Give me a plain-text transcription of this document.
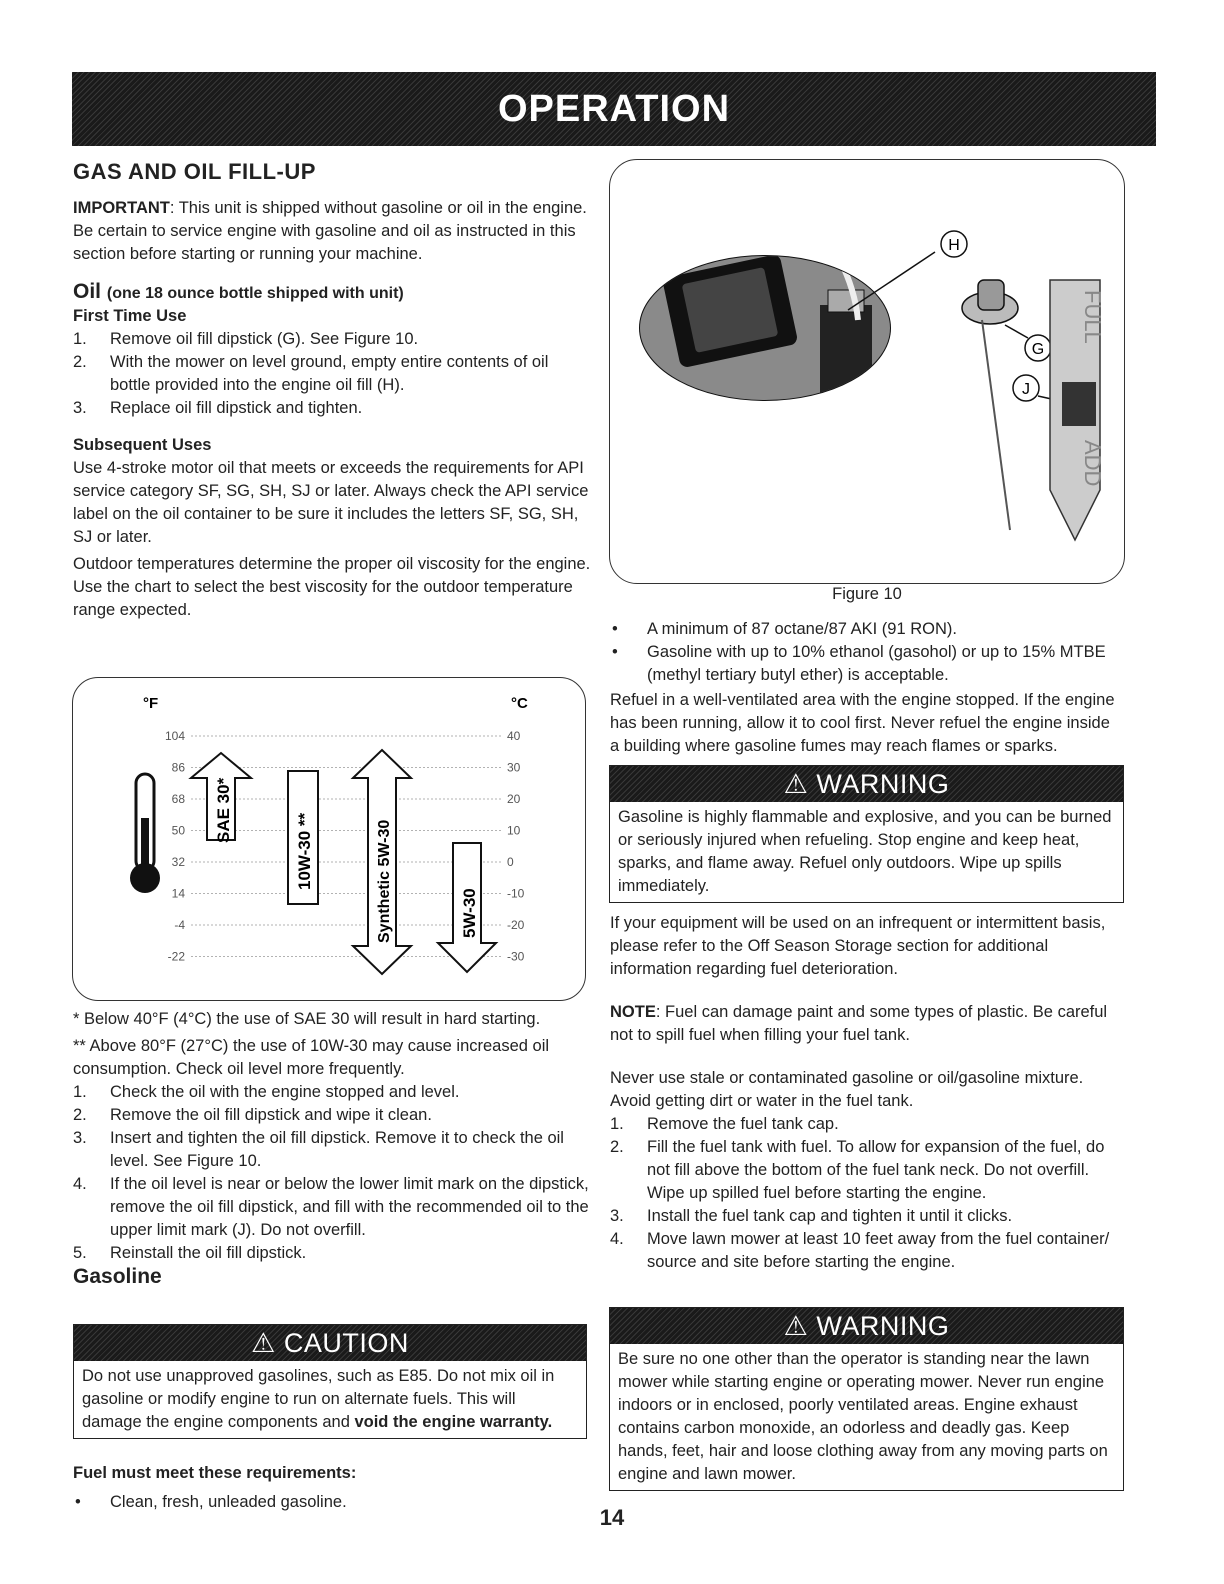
OPERATION
GAS AND OIL FILL-UP

IMPORTANT: This unit is shipped without gasoline or oil in the engine. Be certain to service engine with gasoline and oil as instructed in this section before starting or running your machine.

Oil (one 18 ounce bottle shipped with unit)
First Time Use
1. Remove oil fill dipstick (G). See Figure 10.
2. With the mower on level ground, empty entire contents of oil bottle provided into the engine oil fill (H).
3. Replace oil fill dipstick and tighten.
Subsequent Uses

Use 4-stroke motor oil that meets or exceeds the requirements for API service category SF, SG, SH, SJ or later. Always check the API service label on the oil container to be sure it includes the letters SF, SG, SH, SJ or later.

Outdoor temperatures determine the proper oil viscosity for the engine. Use the chart to select the best viscosity for the outdoor temperature range expected.

°F	°C
104
86
68
50
32
14
-4
-22
40
30
20
10
0
-10
-20
-30
SAE 30*
10W-30 **	Synthetic 5W-30	5W-30

* Below 40°F (4°C) the use of SAE 30 will result in hard starting.

** Above 80°F (27°C) the use of 10W-30 may cause increased oil consumption. Check oil level more frequently.

1. Check the oil with the engine stopped and level.
2. Remove the oil fill dipstick and wipe it clean.
3. Insert and tighten the oil fill dipstick. Remove it to check the oil level. See Figure 10.
4. If the oil level is near or below the lower limit mark on the dipstick, remove the oil fill dipstick, and fill with the recommended oil to the upper limit mark (J). Do not overfill.
5. Reinstall the oil fill dipstick.
Gasoline
⚠ CAUTION
Do not use unapproved gasolines, such as E85. Do not mix oil in gasoline or modify engine to run on alternate fuels. This will damage the engine components and void the engine warranty.
Fuel must meet these requirements:
• Clean, fresh, unleaded gasoline.
H
G
J
FULL
ADD
Figure 10
• A minimum of 87 octane/87 AKI (91 RON).
• Gasoline with up to 10% ethanol (gasohol) or up to 15% MTBE (methyl tertiary butyl ether) is acceptable.

Refuel in a well-ventilated area with the engine stopped. If the engine has been running, allow it to cool first. Never refuel the engine inside a building where gasoline fumes may reach flames or sparks.

⚠ WARNING
Gasoline is highly flammable and explosive, and you can be burned or seriously injured when refueling. Stop engine and keep heat, sparks, and flame away. Refuel only outdoors. Wipe up spills immediately.

If your equipment will be used on an infrequent or intermittent basis, please refer to the Off Season Storage section for additional information regarding fuel deterioration.

NOTE: Fuel can damage paint and some types of plastic. Be careful not to spill fuel when filling your fuel tank.

Never use stale or contaminated gasoline or oil/gasoline mixture. Avoid getting dirt or water in the fuel tank.

1. Remove the fuel tank cap.
2. Fill the fuel tank with fuel. To allow for expansion of the fuel, do not fill above the bottom of the fuel tank neck. Do not overfill. Wipe up spilled fuel before starting the engine.
3. Install the fuel tank cap and tighten it until it clicks.
4. Move lawn mower at least 10 feet away from the fuel container/ source and site before starting the engine.
⚠ WARNING
Be sure no one other than the operator is standing near the lawn mower while starting engine or operating mower. Never run engine indoors or in enclosed, poorly ventilated areas. Engine exhaust contains carbon monoxide, an odorless and deadly gas. Keep hands, feet, hair and loose clothing away from any moving parts on engine and lawn mower.
14
